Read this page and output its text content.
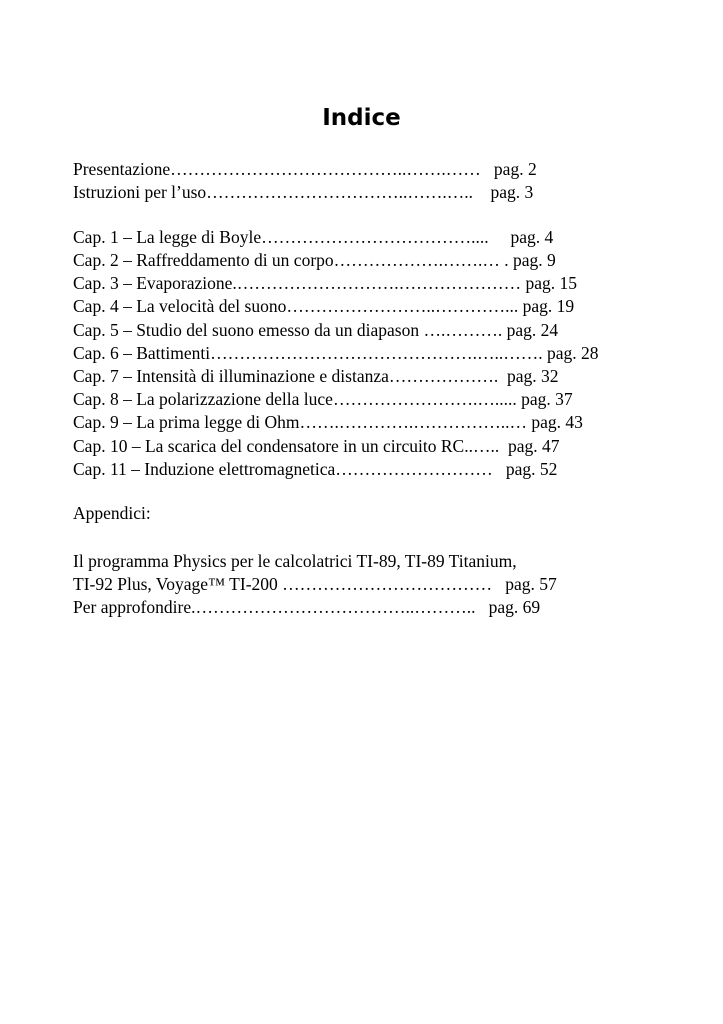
Indice
Presentazione…………………………………..…….……   pag. 2
Istruzioni per l’uso……………………………..…….…..    pag. 3
Cap. 1 – La legge di Boyle………………………………....     pag. 4
Cap. 2 – Raffreddamento di un corpo……………….…….… . pag. 9
Cap. 3 – Evaporazione.……………………….………………… pag. 15
Cap. 4 – La velocità del suono……………………..…………... pag. 19
Cap. 5 – Studio del suono emesso da un diapason ….………. pag. 24
Cap. 6 – Battimenti……………………………………….…..……. pag. 28
Cap. 7 – Intensità di illuminazione e distanza……………….  pag. 32
Cap. 8 – La polarizzazione della luce…………………….…..... pag. 37
Cap. 9 – La prima legge di Ohm…….………….……………..… pag. 43
Cap. 10 – La scarica del condensatore in un circuito RC..…..  pag. 47
Cap. 11 – Induzione elettromagnetica………………………   pag. 52
Appendici:
Il programma Physics per le calcolatrici TI-89, TI-89 Titanium,
TI-92 Plus, Voyage™ TI-200 ………………………………   pag. 57
Per approfondire.………………………………..………..   pag. 69
